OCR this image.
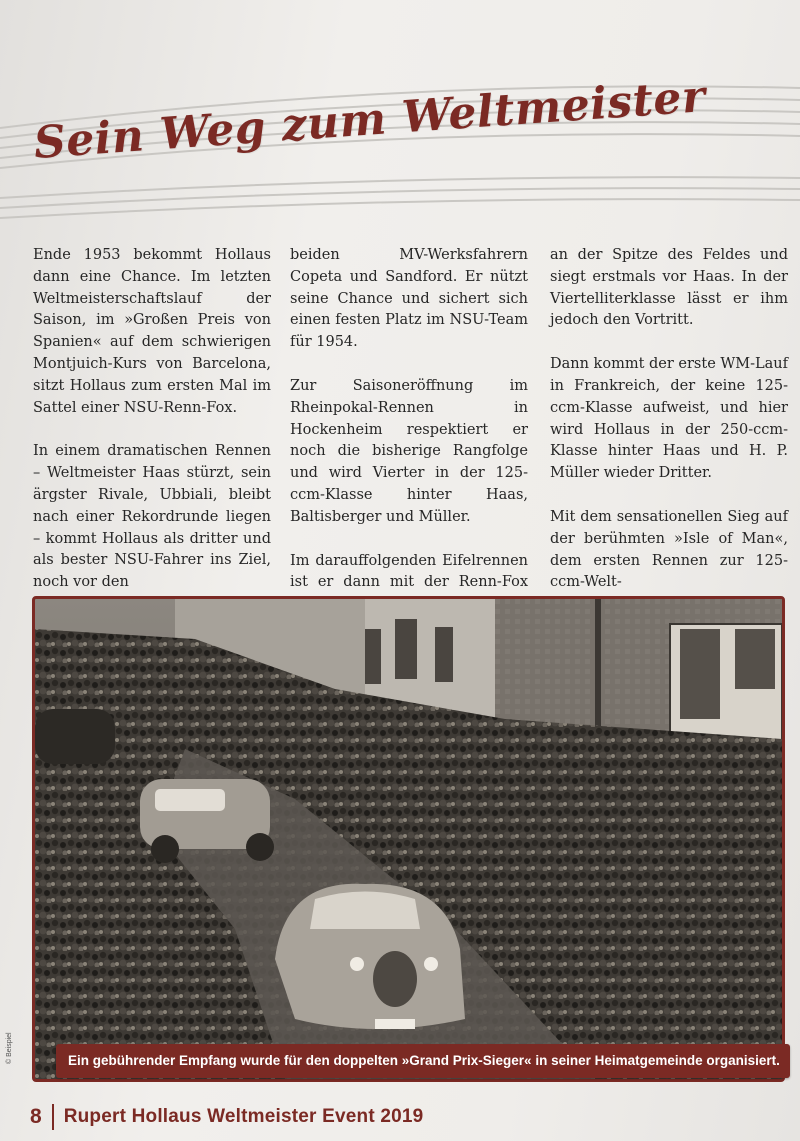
Sein Weg zum Weltmeister

Ende 1953 bekommt Hollaus dann eine Chance. Im letzten Weltmeisterschaftslauf der Saison, im »Großen Preis von Spanien« auf dem schwierigen Montjuich-Kurs von Barcelona, sitzt Hollaus zum ersten Mal im Sattel einer NSU-Renn-Fox.

In einem dramatischen Rennen – Weltmeister Haas stürzt, sein ärgster Rivale, Ubbiali, bleibt nach einer Rekordrunde liegen – kommt Hollaus als dritter und als bester NSU-Fahrer ins Ziel, noch vor den

beiden MV-Werksfahrern Copeta und Sandford. Er nützt seine Chance und sichert sich einen festen Platz im NSU-Team für 1954.

Zur Saisoneröffnung im Rheinpokal-Rennen in Hockenheim respektiert er noch die bisherige Rangfolge und wird Vierter in der 125-ccm-Klasse hinter Haas, Baltisberger und Müller.

Im darauffolgenden Eifelrennen ist er dann mit der Renn-Fox

an der Spitze des Feldes und siegt erstmals vor Haas. In der Viertelliterklasse lässt er ihm jedoch den Vortritt.

Dann kommt der erste WM-Lauf in Frankreich, der keine 125-ccm-Klasse aufweist, und hier wird Hollaus in der 250-ccm-Klasse hinter Haas und H. P. Müller wieder Dritter.

Mit dem sensationellen Sieg auf der berühmten »Isle of Man«, dem ersten Rennen zur 125-ccm-Welt-

Ein gebührender Empfang wurde für den doppelten »Grand Prix-Sieger« in seiner Heimatgemeinde organisiert.
© Beispiel
8 Rupert Hollaus Weltmeister Event 2019
